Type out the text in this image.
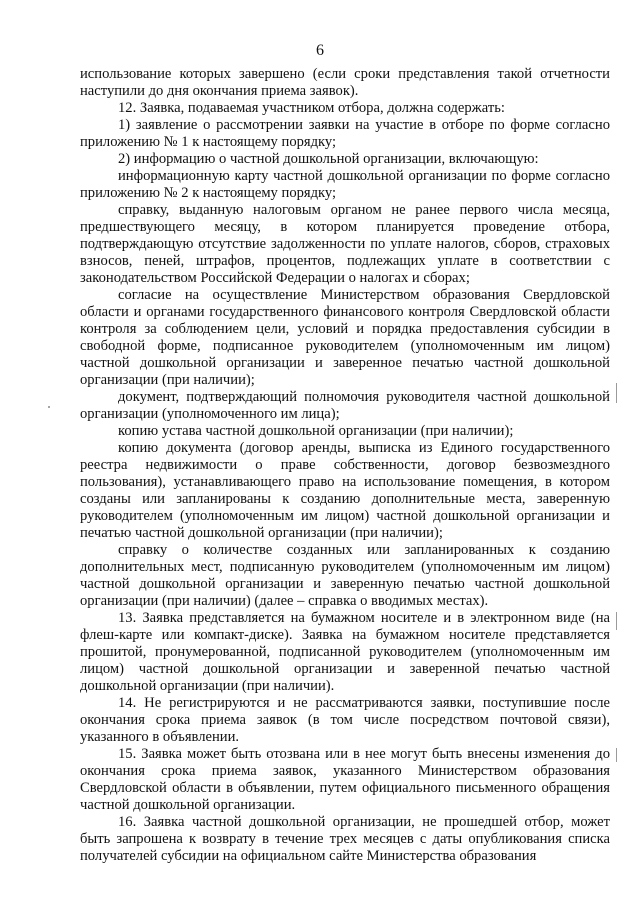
6

использование которых завершено (если сроки представления такой отчетности наступили до дня окончания приема заявок).

12. Заявка, подаваемая участником отбора, должна содержать:

1) заявление о рассмотрении заявки на участие в отборе по форме согласно приложению № 1 к настоящему порядку;

2) информацию о частной дошкольной организации, включающую:

информационную карту частной дошкольной организации по форме согласно приложению № 2 к настоящему порядку;

справку, выданную налоговым органом не ранее первого числа месяца, предшествующего месяцу, в котором планируется проведение отбора, подтверждающую отсутствие задолженности по уплате налогов, сборов, страховых взносов, пеней, штрафов, процентов, подлежащих уплате в соответствии с законодательством Российской Федерации о налогах и сборах;

согласие на осуществление Министерством образования Свердловской области и органами государственного финансового контроля Свердловской области контроля за соблюдением цели, условий и порядка предоставления субсидии в свободной форме, подписанное руководителем (уполномоченным им лицом) частной дошкольной организации и заверенное печатью частной дошкольной организации (при наличии);

документ, подтверждающий полномочия руководителя частной дошкольной организации (уполномоченного им лица);

копию устава частной дошкольной организации (при наличии);

копию документа (договор аренды, выписка из Единого государственного реестра недвижимости о праве собственности, договор безвозмездного пользования), устанавливающего право на использование помещения, в котором созданы или запланированы к созданию дополнительные места, заверенную руководителем (уполномоченным им лицом) частной дошкольной организации и печатью частной дошкольной организации (при наличии);

справку о количестве созданных или запланированных к созданию дополнительных мест, подписанную руководителем (уполномоченным им лицом) частной дошкольной организации и заверенную печатью частной дошкольной организации (при наличии) (далее – справка о вводимых местах).

13. Заявка представляется на бумажном носителе и в электронном виде (на флеш-карте или компакт-диске). Заявка на бумажном носителе представляется прошитой, пронумерованной, подписанной руководителем (уполномоченным им лицом) частной дошкольной организации и заверенной печатью частной дошкольной организации (при наличии).

14. Не регистрируются и не рассматриваются заявки, поступившие после окончания срока приема заявок (в том числе посредством почтовой связи), указанного в объявлении.

15. Заявка может быть отозвана или в нее могут быть внесены изменения до окончания срока приема заявок, указанного Министерством образования Свердловской области в объявлении, путем официального письменного обращения частной дошкольной организации.

16. Заявка частной дошкольной организации, не прошедшей отбор, может быть запрошена к возврату в течение трех месяцев с даты опубликования списка получателей субсидии на официальном сайте Министерства образования
